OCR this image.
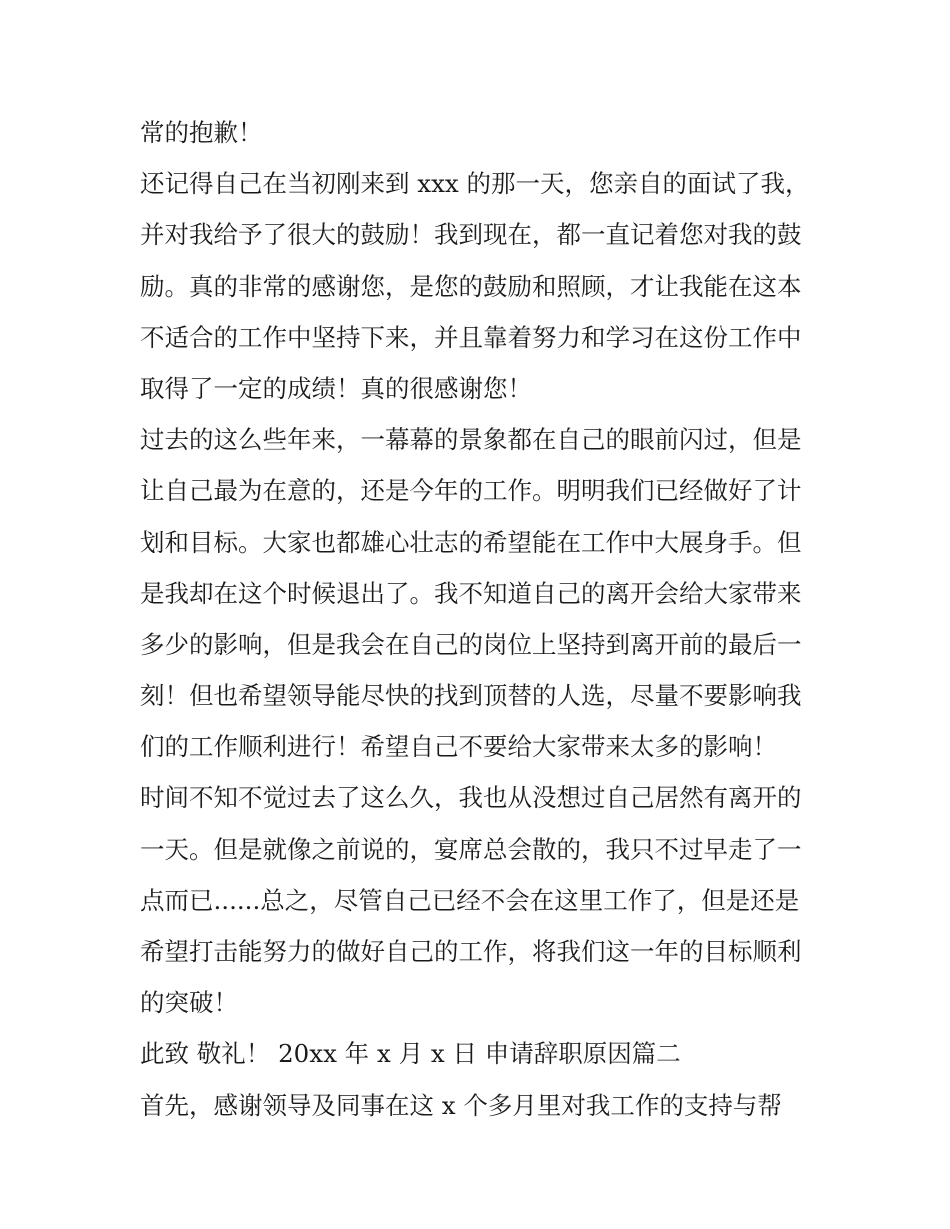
常的抱歉！
还记得自己在当初刚来到 xxx 的那一天，您亲自的面试了我，
并对我给予了很大的鼓励！我到现在，都一直记着您对我的鼓
励。真的非常的感谢您，是您的鼓励和照顾，才让我能在这本
不适合的工作中坚持下来，并且靠着努力和学习在这份工作中
取得了一定的成绩！真的很感谢您！
过去的这么些年来，一幕幕的景象都在自己的眼前闪过，但是
让自己最为在意的，还是今年的工作。明明我们已经做好了计
划和目标。大家也都雄心壮志的希望能在工作中大展身手。但
是我却在这个时候退出了。我不知道自己的离开会给大家带来
多少的影响，但是我会在自己的岗位上坚持到离开前的最后一
刻！但也希望领导能尽快的找到顶替的人选，尽量不要影响我
们的工作顺利进行！希望自己不要给大家带来太多的影响！
时间不知不觉过去了这么久，我也从没想过自己居然有离开的
一天。但是就像之前说的，宴席总会散的，我只不过早走了一
点而已......总之，尽管自己已经不会在这里工作了，但是还是
希望打击能努力的做好自己的工作，将我们这一年的目标顺利
的突破！
此致 敬礼！ 20xx 年 x 月 x 日 申请辞职原因篇二
首先，感谢领导及同事在这 x 个多月里对我工作的支持与帮
